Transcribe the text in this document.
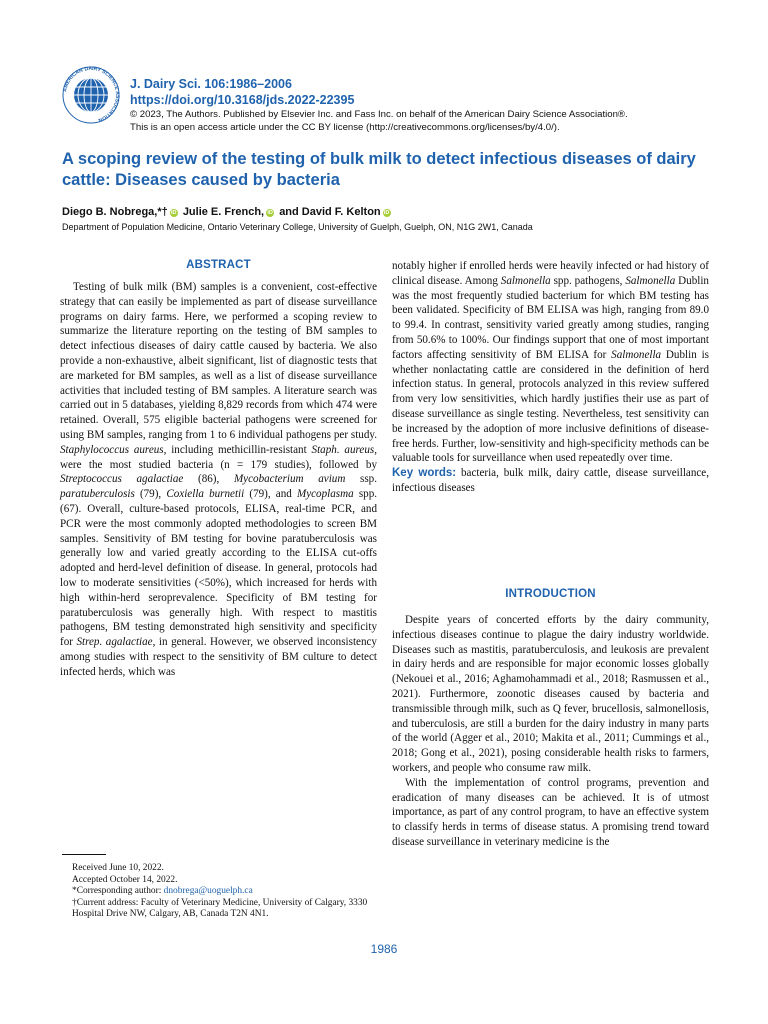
AMERICAN DAIRY SCIENCE ASSOCIATION
J. Dairy Sci. 106:1986–2006
https://doi.org/10.3168/jds.2022-22395
© 2023, The Authors. Published by Elsevier Inc. and Fass Inc. on behalf of the American Dairy Science Association®.
This is an open access article under the CC BY license (http://creativecommons.org/licenses/by/4.0/).
A scoping review of the testing of bulk milk to detect infectious diseases of dairy cattle: Diseases caused by bacteria
Diego B. Nobrega,*† iD Julie E. French, iD and David F. Kelton iD
Department of Population Medicine, Ontario Veterinary College, University of Guelph, Guelph, ON, N1G 2W1, Canada
ABSTRACT

Testing of bulk milk (BM) samples is a convenient, cost-effective strategy that can easily be implemented as part of disease surveillance programs on dairy farms. Here, we performed a scoping review to summarize the literature reporting on the testing of BM samples to detect infectious diseases of dairy cattle caused by bacteria. We also provide a non-exhaustive, albeit significant, list of diagnostic tests that are marketed for BM samples, as well as a list of disease surveillance activities that included testing of BM samples. A literature search was carried out in 5 databases, yielding 8,829 records from which 474 were retained. Overall, 575 eligible bacterial pathogens were screened for using BM samples, ranging from 1 to 6 individual pathogens per study. Staphylococcus aureus, including methicillin-resistant Staph. aureus, were the most studied bacteria (n = 179 studies), followed by Streptococcus agalactiae (86), Mycobacterium avium ssp. paratuberculosis (79), Coxiella burnetii (79), and Mycoplasma spp. (67). Overall, culture-based protocols, ELISA, real-time PCR, and PCR were the most commonly adopted methodologies to screen BM samples. Sensitivity of BM testing for bovine paratuberculosis was generally low and varied greatly according to the ELISA cut-offs adopted and herd-level definition of disease. In general, protocols had low to moderate sensitivities (<50%), which increased for herds with high within-herd seroprevalence. Specificity of BM testing for paratuberculosis was generally high. With respect to mastitis pathogens, BM testing demonstrated high sensitivity and specificity for Strep. agalactiae, in general. However, we observed inconsistency among studies with respect to the sensitivity of BM culture to detect infected herds, which was

notably higher if enrolled herds were heavily infected or had history of clinical disease. Among Salmonella spp. pathogens, Salmonella Dublin was the most frequently studied bacterium for which BM testing has been validated. Specificity of BM ELISA was high, ranging from 89.0 to 99.4. In contrast, sensitivity varied greatly among studies, ranging from 50.6% to 100%. Our findings support that one of most important factors affecting sensitivity of BM ELISA for Salmonella Dublin is whether nonlactating cattle are considered in the definition of herd infection status. In general, protocols analyzed in this review suffered from very low sensitivities, which hardly justifies their use as part of disease surveillance as single testing. Nevertheless, test sensitivity can be increased by the adoption of more inclusive definitions of disease-free herds. Further, low-sensitivity and high-specificity methods can be valuable tools for surveillance when used repeatedly over time.

Key words: bacteria, bulk milk, dairy cattle, disease surveillance, infectious diseases

INTRODUCTION

Despite years of concerted efforts by the dairy community, infectious diseases continue to plague the dairy industry worldwide. Diseases such as mastitis, paratuberculosis, and leukosis are prevalent in dairy herds and are responsible for major economic losses globally (Nekouei et al., 2016; Aghamohammadi et al., 2018; Rasmussen et al., 2021). Furthermore, zoonotic diseases caused by bacteria and transmissible through milk, such as Q fever, brucellosis, salmonellosis, and tuberculosis, are still a burden for the dairy industry in many parts of the world (Agger et al., 2010; Makita et al., 2011; Cummings et al., 2018; Gong et al., 2021), posing considerable health risks to farmers, workers, and people who consume raw milk.

With the implementation of control programs, prevention and eradication of many diseases can be achieved. It is of utmost importance, as part of any control program, to have an effective system to classify herds in terms of disease status. A promising trend toward disease surveillance in veterinary medicine is the

Received June 10, 2022.
Accepted October 14, 2022.
*Corresponding author: dnobrega@uoguelph.ca
†Current address: Faculty of Veterinary Medicine, University of Calgary, 3330 Hospital Drive NW, Calgary, AB, Canada T2N 4N1.
1986
